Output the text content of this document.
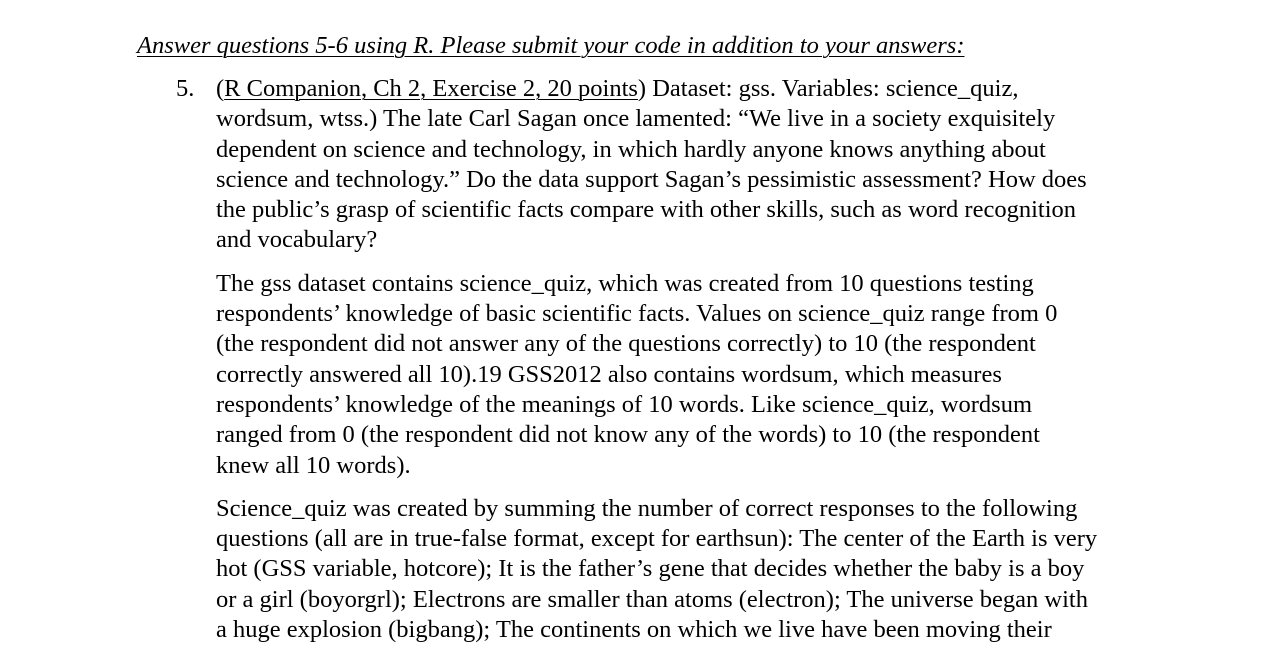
Answer questions 5-6 using R. Please submit your code in addition to your answers:
5. (R Companion, Ch 2, Exercise 2, 20 points) Dataset: gss. Variables: science_quiz,
wordsum, wtss.) The late Carl Sagan once lamented: “We live in a society exquisitely
dependent on science and technology, in which hardly anyone knows anything about
science and technology.” Do the data support Sagan’s pessimistic assessment? How does
the public’s grasp of scientific facts compare with other skills, such as word recognition
and vocabulary?

The gss dataset contains science_quiz, which was created from 10 questions testing
respondents’ knowledge of basic scientific facts. Values on science_quiz range from 0
(the respondent did not answer any of the questions correctly) to 10 (the respondent
correctly answered all 10).19 GSS2012 also contains wordsum, which measures
respondents’ knowledge of the meanings of 10 words. Like science_quiz, wordsum
ranged from 0 (the respondent did not know any of the words) to 10 (the respondent
knew all 10 words).

Science_quiz was created by summing the number of correct responses to the following
questions (all are in true-false format, except for earthsun): The center of the Earth is very
hot (GSS variable, hotcore); It is the father’s gene that decides whether the baby is a boy
or a girl (boyorgrl); Electrons are smaller than atoms (electron); The universe began with
a huge explosion (bigbang); The continents on which we live have been moving their
